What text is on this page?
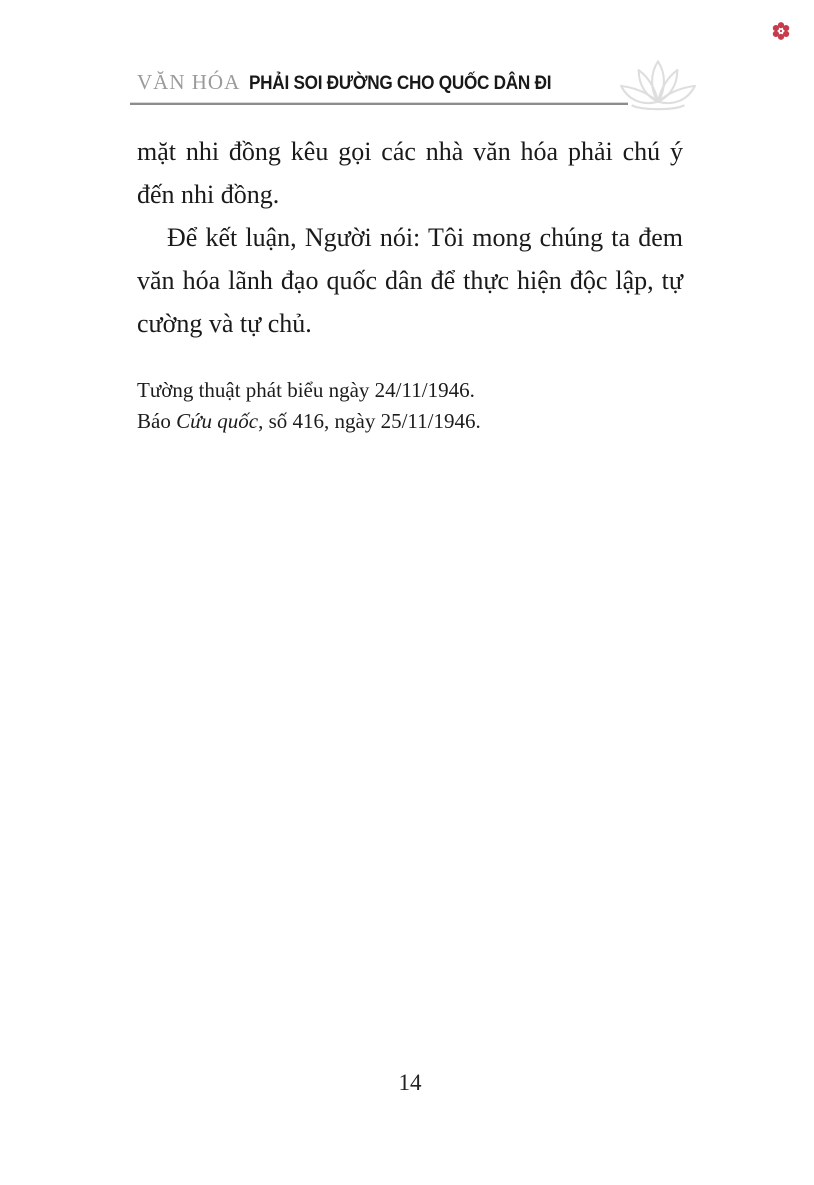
VĂN HÓA PHẢI SOI ĐƯỜNG CHO QUỐC DÂN ĐI

mặt nhi đồng kêu gọi các nhà văn hóa phải chú ý đến nhi đồng.

Để kết luận, Người nói: Tôi mong chúng ta đem văn hóa lãnh đạo quốc dân để thực hiện độc lập, tự cường và tự chủ.

Tường thuật phát biểu ngày 24/11/1946.
Báo Cứu quốc, số 416, ngày 25/11/1946.
14
